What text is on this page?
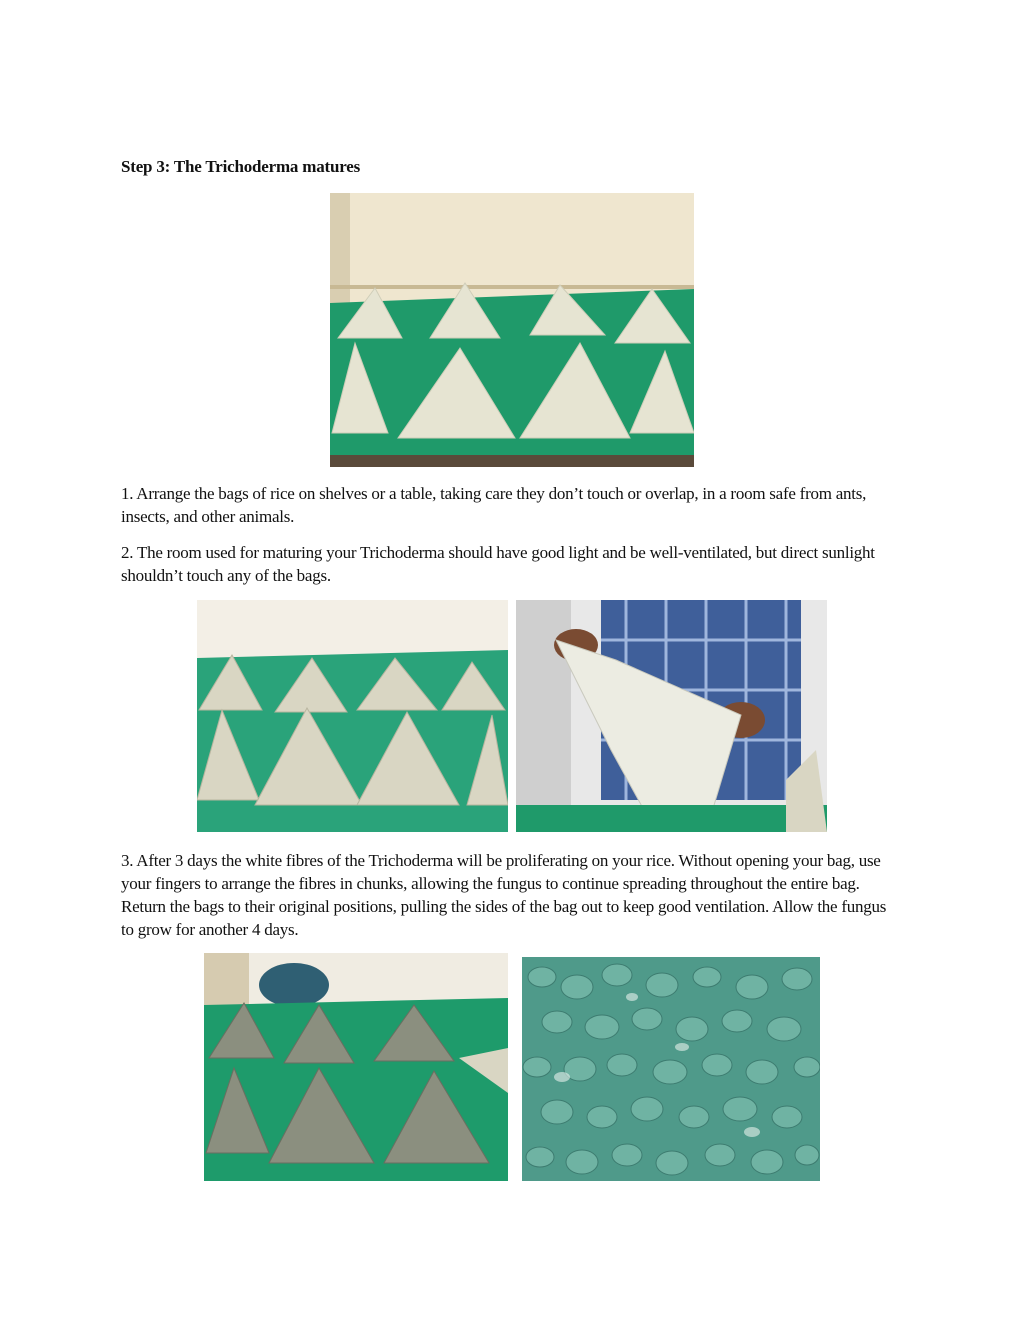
Step 3: The Trichoderma matures
1. Arrange the bags of rice on shelves or a table, taking care they don’t touch or overlap, in a room safe from ants, insects, and other animals.
2. The room used for maturing your Trichoderma should have good light and be well-ventilated, but direct sunlight shouldn’t touch any of the bags.
3. After 3 days the white fibres of the Trichoderma will be proliferating on your rice. Without opening your bag, use your fingers to arrange the fibres in chunks, allowing the fungus to continue spreading throughout the entire bag. Return the bags to their original positions, pulling the sides of the bag out to keep good ventilation. Allow the fungus to grow for another 4 days.
